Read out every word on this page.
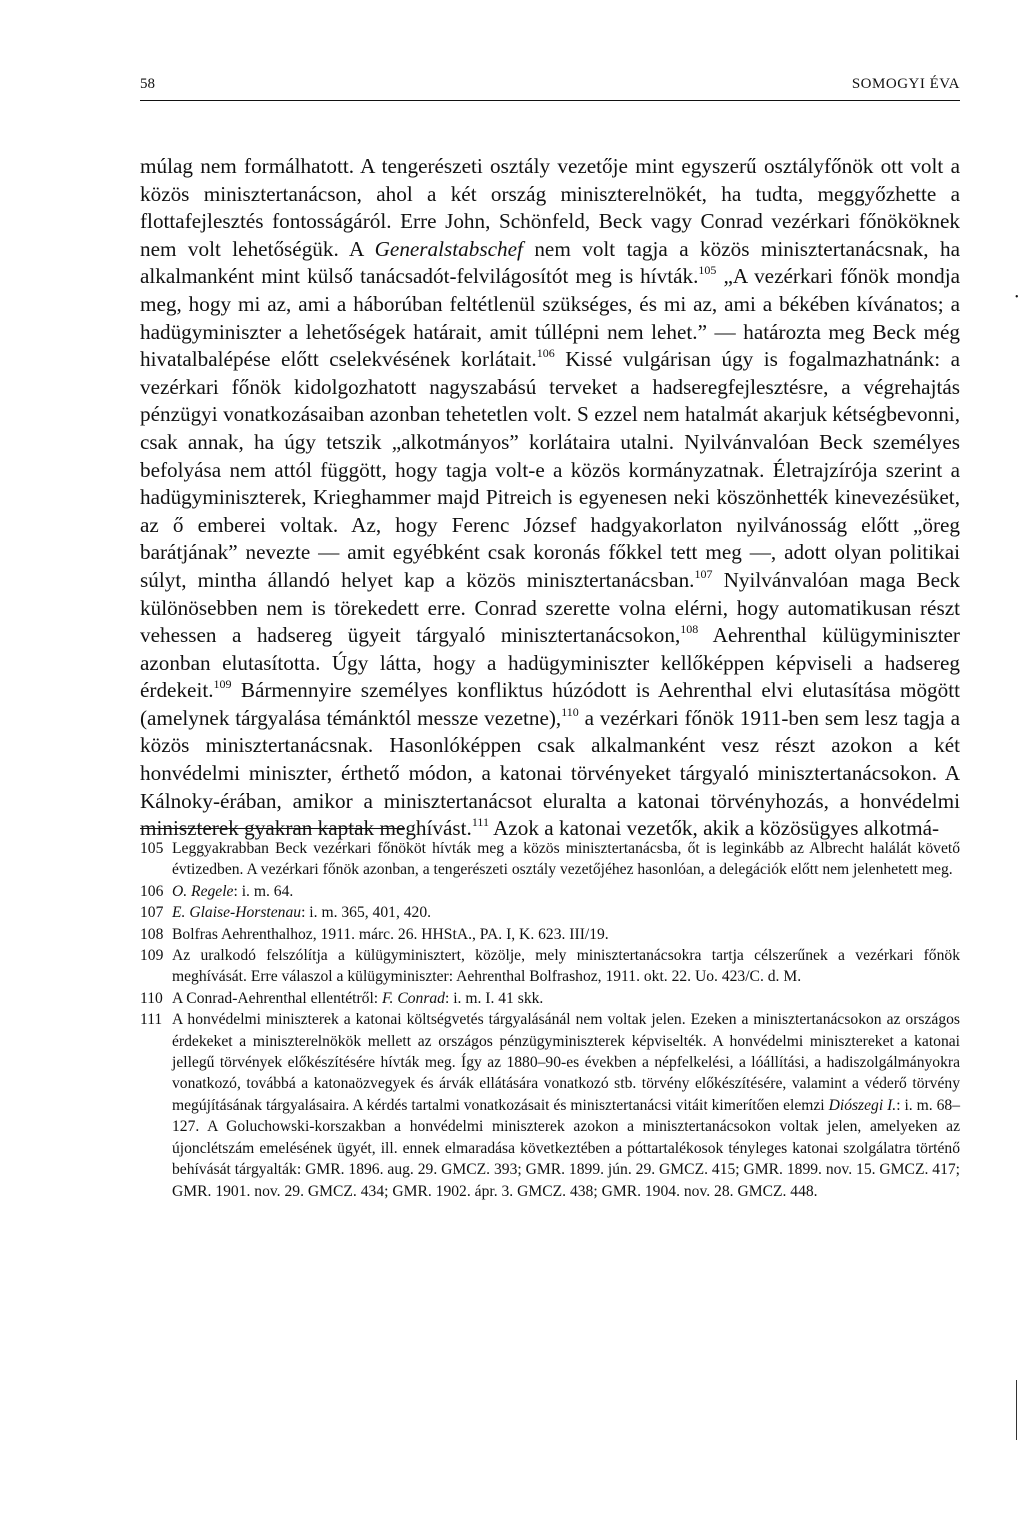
58	SOMOGYI ÉVA

múlag nem formálhatott. A tengerészeti osztály vezetője mint egyszerű osztályfőnök ott volt a közös minisztertanácson, ahol a két ország miniszterelnökét, ha tudta, meggyőzhette a flottafejlesztés fontosságáról. Erre John, Schönfeld, Beck vagy Conrad vezérkari főnököknek nem volt lehetőségük. A Generalstabschef nem volt tagja a közös minisztertanácsnak, ha alkalmanként mint külső tanácsadót-felvilágosítót meg is hívták.$^{105}$ „A vezérkari főnök mondja meg, hogy mi az, ami a háborúban feltétlenül szükséges, és mi az, ami a békében kívánatos; a hadügyminiszter a lehetőségek határait, amit túllépni nem lehet.” — határozta meg Beck még hivatalbalépése előtt cselekvésének korlátait.$^{106}$ Kissé vulgárisan úgy is fogalmazhatnánk: a vezérkari főnök kidolgozhatott nagyszabású terveket a hadseregfejlesztésre, a végrehajtás pénzügyi vonatkozásaiban azonban tehetetlen volt. S ezzel nem hatalmát akarjuk kétségbevonni, csak annak, ha úgy tetszik „alkotmányos” korlátaira utalni. Nyilvánvalóan Beck személyes befolyása nem attól függött, hogy tagja volt-e a közös kormányzatnak. Életrajzírója szerint a hadügyminiszterek, Krieghammer majd Pitreich is egyenesen neki köszönhették kinevezésüket, az ő emberei voltak. Az, hogy Ferenc József hadgyakorlaton nyilvánosság előtt „öreg barátjának” nevezte — amit egyébként csak koronás főkkel tett meg —, adott olyan politikai súlyt, mintha állandó helyet kap a közös minisztertanácsban.$^{107}$ Nyilvánvalóan maga Beck különösebben nem is törekedett erre. Conrad szerette volna elérni, hogy automatikusan részt vehessen a hadsereg ügyeit tárgyaló minisztertanácsokon,$^{108}$ Aehrenthal külügyminiszter azonban elutasította. Úgy látta, hogy a hadügyminiszter kellőképpen képviseli a hadsereg érdekeit.$^{109}$ Bármennyire személyes konfliktus húzódott is Aehrenthal elvi elutasítása mögött (amelynek tárgyalása témánktól messze vezetne),$^{110}$ a vezérkari főnök 1911-ben sem lesz tagja a közös minisztertanácsnak. Hasonlóképpen csak alkalmanként vesz részt azokon a két honvédelmi miniszter, érthető módon, a katonai törvényeket tárgyaló minisztertanácsokon. A Kálnoky-érában, amikor a minisztertanácsot eluralta a katonai törvényhozás, a honvédelmi miniszterek gyakran kaptak meghívást.$^{111}$ Azok a katonai vezetők, akik a közösügyes alkotmá-

105 Leggyakrabban Beck vezérkari főnököt hívták meg a közös minisztertanácsba, őt is leginkább az Albrecht halálát követő évtizedben. A vezérkari főnök azonban, a tengerészeti osztály vezetőjéhez hasonlóan, a delegációk előtt nem jelenhetett meg.
106 O. Regele: i. m. 64.
107 E. Glaise-Horstenau: i. m. 365, 401, 420.
108 Bolfras Aehrenthalhoz, 1911. márc. 26. HHStA., PA. I, K. 623. III/19.
109 Az uralkodó felszólítja a külügyminisztert, közölje, mely minisztertanácsokra tartja célszerűnek a vezérkari főnök meghívását. Erre válaszol a külügyminiszter: Aehrenthal Bolfrashoz, 1911. okt. 22. Uo. 423/C. d. M.
110 A Conrad-Aehrenthal ellentétről: F. Conrad: i. m. I. 41 skk.
111 A honvédelmi miniszterek a katonai költségvetés tárgyalásánál nem voltak jelen. Ezeken a minisztertanácsokon az országos érdekeket a miniszterelnökök mellett az országos pénzügyminiszterek képviselték. A honvédelmi minisztereket a katonai jellegű törvények előkészítésére hívták meg. Így az 1880–90-es években a népfelkelési, a lóállítási, a hadiszolgálmányokra vonatkozó, továbbá a katonaözvegyek és árvák ellátására vonatkozó stb. törvény előkészítésére, valamint a véderő törvény megújításának tárgyalásaira. A kérdés tartalmi vonatkozásait és minisztertanácsi vitáit kimerítően elemzi Diószegi I.: i. m. 68–127. A Goluchowski-korszakban a honvédelmi miniszterek azokon a minisztertanácsokon voltak jelen, amelyeken az újonclétszám emelésének ügyét, ill. ennek elmaradása következtében a póttartalékosok tényleges katonai szolgálatra történő behívását tárgyalták: GMR. 1896. aug. 29. GMCZ. 393; GMR. 1899. jún. 29. GMCZ. 415; GMR. 1899. nov. 15. GMCZ. 417; GMR. 1901. nov. 29. GMCZ. 434; GMR. 1902. ápr. 3. GMCZ. 438; GMR. 1904. nov. 28. GMCZ. 448.
•
